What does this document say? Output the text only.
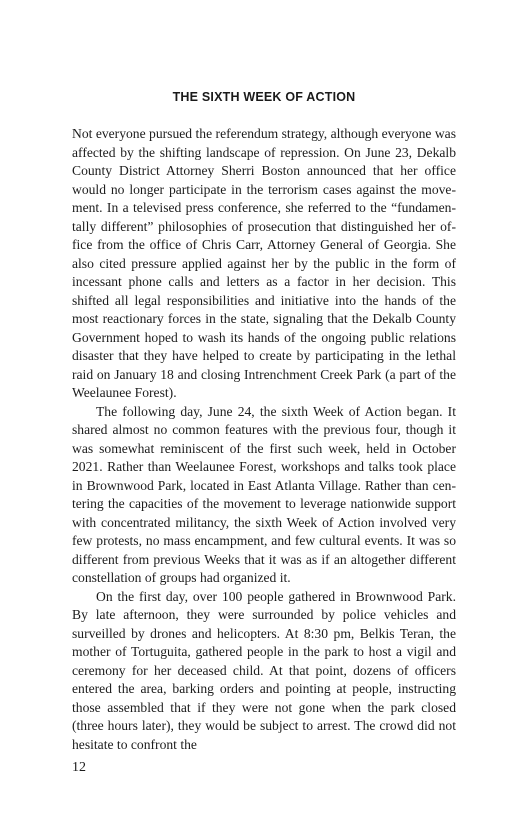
THE SIXTH WEEK OF ACTION

Not everyone pursued the referendum strategy, although everyone was affected by the shifting landscape of repression. On June 23, Dekalb County District Attorney Sherri Boston announced that her office would no longer participate in the terrorism cases against the movement. In a televised press conference, she referred to the “fundamentally different” philosophies of prosecution that distinguished her office from the office of Chris Carr, Attorney General of Georgia. She also cited pressure applied against her by the public in the form of incessant phone calls and letters as a factor in her decision. This shifted all legal responsibilities and initiative into the hands of the most reactionary forces in the state, signaling that the Dekalb County Government hoped to wash its hands of the ongoing public relations disaster that they have helped to create by participating in the lethal raid on January 18 and closing Intrenchment Creek Park (a part of the Weelaunee Forest).

The following day, June 24, the sixth Week of Action began. It shared almost no common features with the previous four, though it was somewhat reminiscent of the first such week, held in October 2021. Rather than Weelaunee Forest, workshops and talks took place in Brownwood Park, located in East Atlanta Village. Rather than centering the capacities of the movement to leverage nationwide support with concentrated militancy, the sixth Week of Action involved very few protests, no mass encampment, and few cultural events. It was so different from previous Weeks that it was as if an altogether different constellation of groups had organized it.

On the first day, over 100 people gathered in Brownwood Park. By late afternoon, they were surrounded by police vehicles and surveilled by drones and helicopters. At 8:30 pm, Belkis Teran, the mother of Tortuguita, gathered people in the park to host a vigil and ceremony for her deceased child. At that point, dozens of officers entered the area, barking orders and pointing at people, instructing those assembled that if they were not gone when the park closed (three hours later), they would be subject to arrest. The crowd did not hesitate to confront the

12
